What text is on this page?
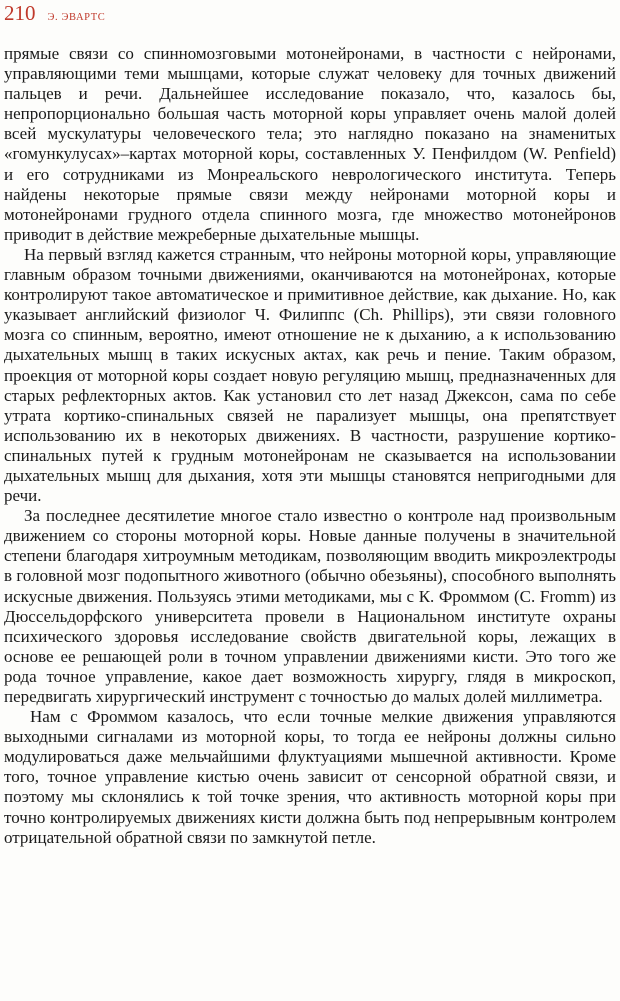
210 Э. ЭВАРТС

прямые связи со спинномозговыми мотонейронами, в частности с нейронами, управляющими теми мышцами, которые служат человеку для точных движений пальцев и речи. Дальнейшее исследование показало, что, казалось бы, непропорционально большая часть моторной коры управляет очень малой долей всей мускулатуры человеческого тела; это наглядно показано на знаменитых «гомункулусах»–картах моторной коры, составленных У. Пенфилдом (W. Penfield) и его сотрудниками из Монреальского неврологического института. Теперь найдены некоторые прямые связи между нейронами моторной коры и мотонейронами грудного отдела спинного мозга, где множество мотонейронов приводит в действие межреберные дыхательные мышцы.

На первый взгляд кажется странным, что нейроны моторной коры, управляющие главным образом точными движениями, оканчиваются на мотонейронах, которые контролируют такое автоматическое и примитивное действие, как дыхание. Но, как указывает английский физиолог Ч. Филиппс (Ch. Phillips), эти связи головного мозга со спинным, вероятно, имеют отношение не к дыханию, а к использованию дыхательных мышц в таких искусных актах, как речь и пение. Таким образом, проекция от моторной коры создает новую регуляцию мышц, предназначенных для старых рефлекторных актов. Как установил сто лет назад Джексон, сама по себе утрата кортико-спинальных связей не парализует мышцы, она препятствует использованию их в некоторых движениях. В частности, разрушение кортико-спинальных путей к грудным мотонейронам не сказывается на использовании дыхательных мышц для дыхания, хотя эти мышцы становятся непригодными для речи.

За последнее десятилетие многое стало известно о контроле над произвольным движением со стороны моторной коры. Новые данные получены в значительной степени благодаря хитроумным методикам, позволяющим вводить микроэлектроды в головной мозг подопытного животного (обычно обезьяны), способного выполнять искусные движения. Пользуясь этими методиками, мы с К. Фроммом (C. Fromm) из Дюссельдорфского университета провели в Национальном институте охраны психического здоровья исследование свойств двигательной коры, лежащих в основе ее решающей роли в точном управлении движениями кисти. Это того же рода точное управление, какое дает возможность хирургу, глядя в микроскоп, передвигать хирургический инструмент с точностью до малых долей миллиметра.

Нам с Фроммом казалось, что если точные мелкие движения управляются выходными сигналами из моторной коры, то тогда ее нейроны должны сильно модулироваться даже мельчайшими флуктуациями мышечной активности. Кроме того, точное управление кистью очень зависит от сенсорной обратной связи, и поэтому мы склонялись к той точке зрения, что активность моторной коры при точно контролируемых движениях кисти должна быть под непрерывным контролем отрицательной обратной связи по замкнутой петле.
